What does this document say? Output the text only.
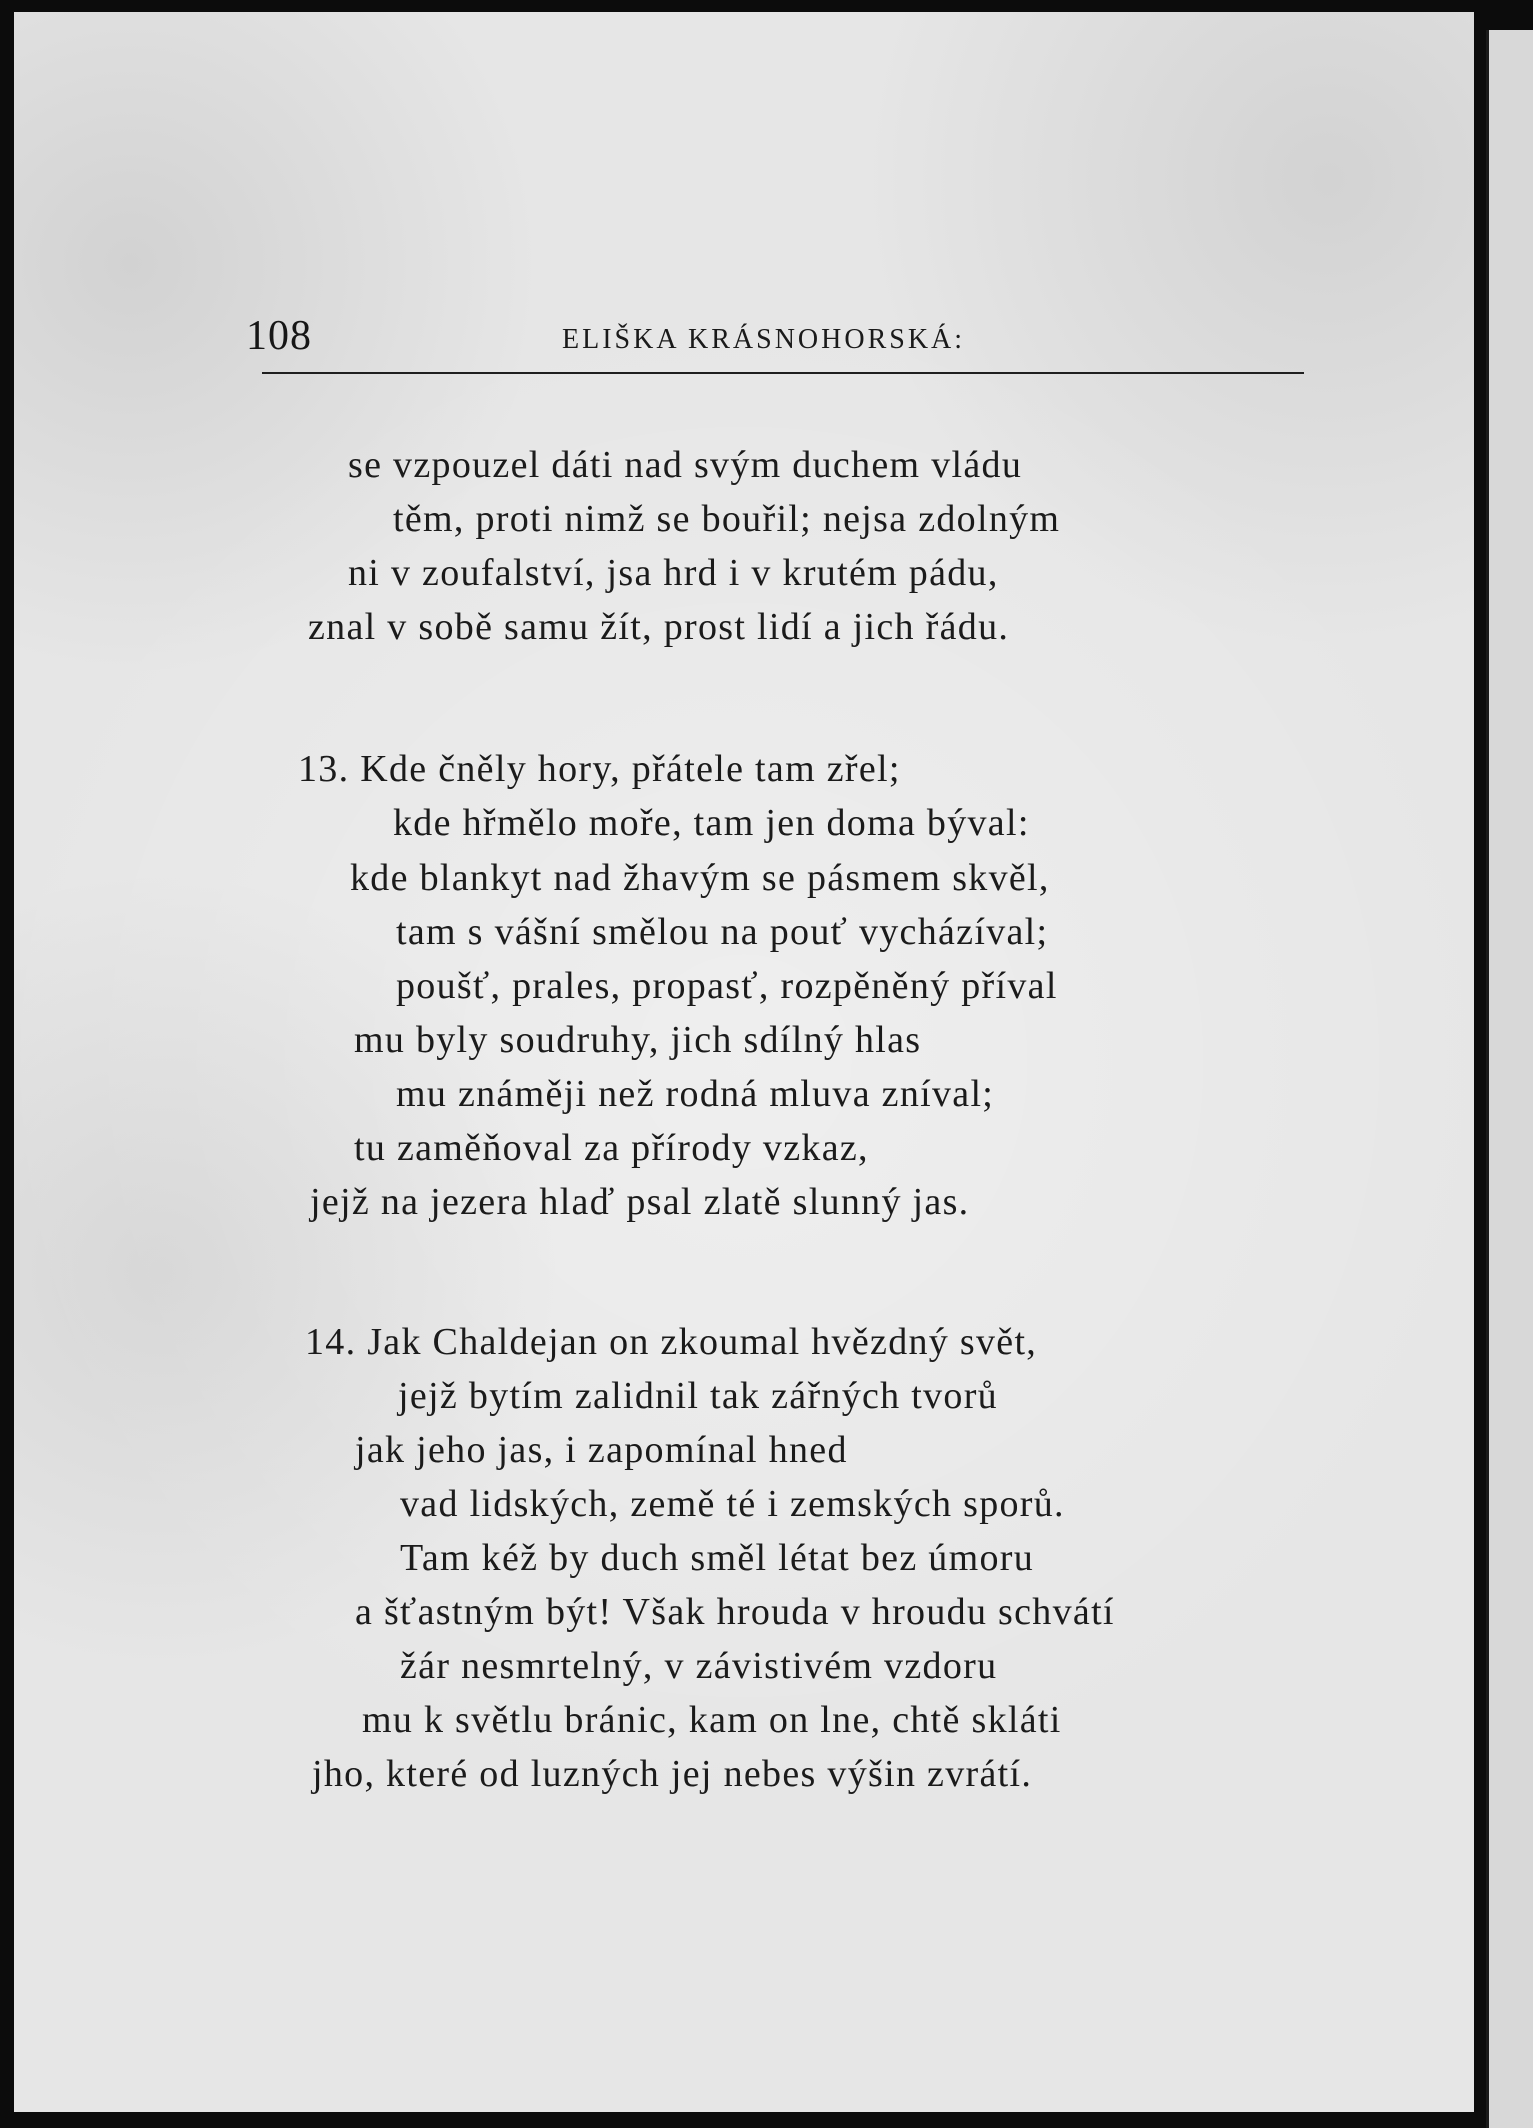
108	ELIŠKA KRÁSNOHORSKÁ:
se vzpouzel dáti nad svým duchem vládu
těm, proti nimž se bouřil; nejsa zdolným
ni v zoufalství, jsa hrd i v krutém pádu,
znal v sobě samu žít, prost lidí a jich řádu.
13. Kde čněly hory, přátele tam zřel;
kde hřmělo moře, tam jen doma býval:
kde blankyt nad žhavým se pásmem skvěl,
tam s vášní smělou na pouť vycházíval;
poušť, prales, propasť, rozpěněný příval
mu byly soudruhy, jich sdílný hlas
mu známěji než rodná mluva zníval;
tu zaměňoval za přírody vzkaz,
jejž na jezera hlaď psal zlatě slunný jas.
14. Jak Chaldejan on zkoumal hvězdný svět,
jejž bytím zalidnil tak zářných tvorů
jak jeho jas, i zapomínal hned
vad lidských, země té i zemských sporů.
Tam kéž by duch směl létat bez úmoru
a šťastným být! Však hrouda v hroudu schvátí
žár nesmrtelný, v závistivém vzdoru
mu k světlu bránic, kam on lne, chtě skláti
jho, které od luzných jej nebes výšin zvrátí.
